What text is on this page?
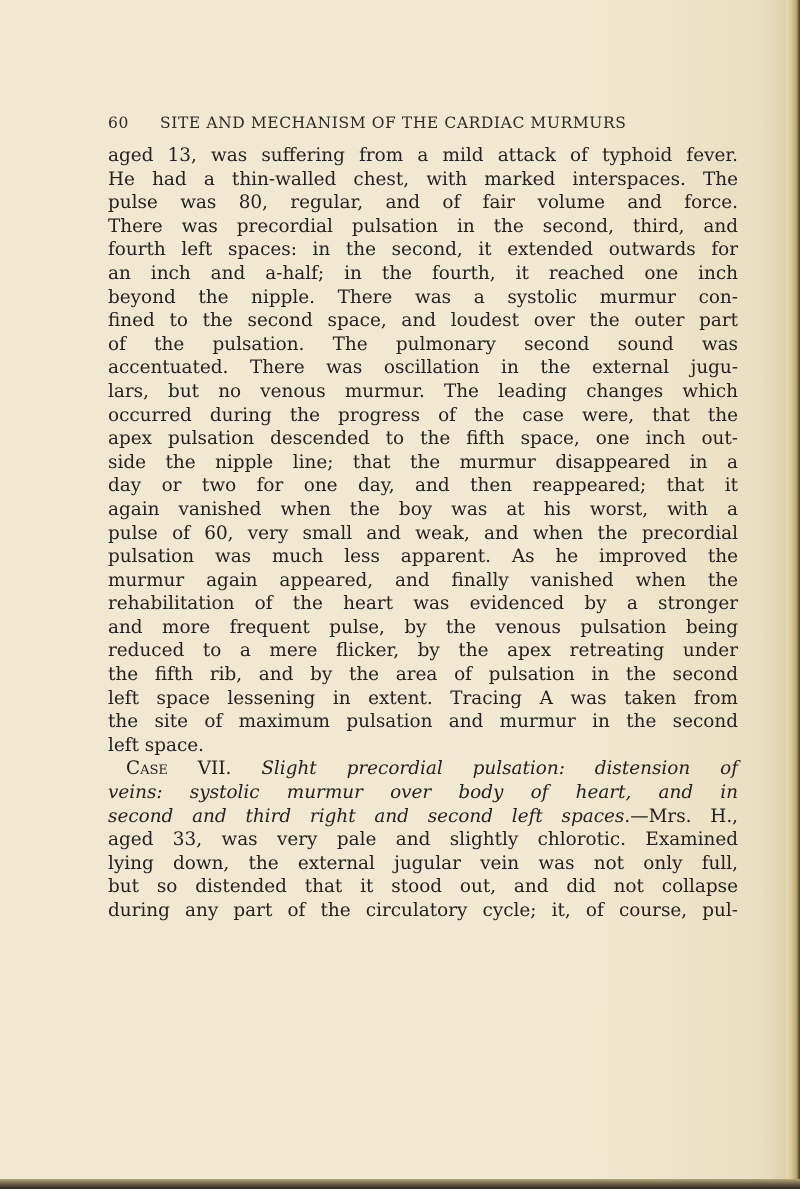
60 SITE AND MECHANISM OF THE CARDIAC MURMURS
aged 13, was suffering from a mild attack of typhoid fever.
He had a thin-walled chest, with marked interspaces. The
pulse was 80, regular, and of fair volume and force.
There was precordial pulsation in the second, third, and
fourth left spaces: in the second, it extended outwards for
an inch and a-half; in the fourth, it reached one inch
beyond the nipple. There was a systolic murmur con-
fined to the second space, and loudest over the outer part
of the pulsation. The pulmonary second sound was
accentuated. There was oscillation in the external jugu-
lars, but no venous murmur. The leading changes which
occurred during the progress of the case were, that the
apex pulsation descended to the fifth space, one inch out-
side the nipple line; that the murmur disappeared in a
day or two for one day, and then reappeared; that it
again vanished when the boy was at his worst, with a
pulse of 60, very small and weak, and when the precordial
pulsation was much less apparent. As he improved the
murmur again appeared, and finally vanished when the
rehabilitation of the heart was evidenced by a stronger
and more frequent pulse, by the venous pulsation being
reduced to a mere flicker, by the apex retreating under
the fifth rib, and by the area of pulsation in the second
left space lessening in extent. Tracing A was taken from
the site of maximum pulsation and murmur in the second
left space.
Case VII. Slight precordial pulsation: distension of
veins: systolic murmur over body of heart, and in
second and third right and second left spaces.—Mrs. H.,
aged 33, was very pale and slightly chlorotic. Examined
lying down, the external jugular vein was not only full,
but so distended that it stood out, and did not collapse
during any part of the circulatory cycle; it, of course, pul-
